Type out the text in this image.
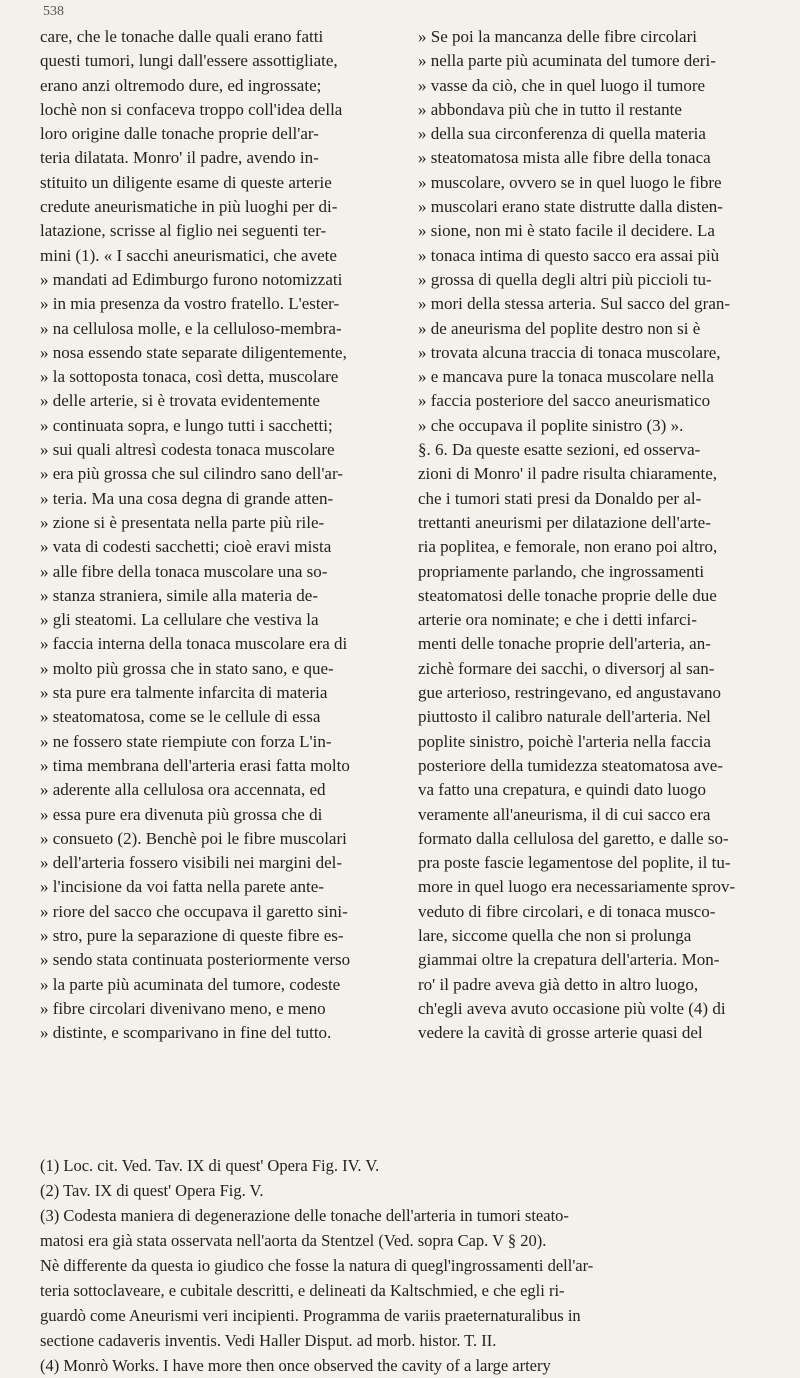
538
care, che le tonache dalle quali erano fatti
questi tumori, lungi dall'essere assottigliate,
erano anzi oltremodo dure, ed ingrossate;
lochè non si confaceva troppo coll'idea della
loro origine dalle tonache proprie dell'ar-
teria dilatata. Monro' il padre, avendo in-
stituito un diligente esame di queste arterie
credute aneurismatiche in più luoghi per di-
latazione, scrisse al figlio nei seguenti ter-
mini (1). « I sacchi aneurismatici, che avete
» mandati ad Edimburgo furono notomizzati
» in mia presenza da vostro fratello. L'ester-
» na cellulosa molle, e la celluloso-membra-
» nosa essendo state separate diligentemente,
» la sottoposta tonaca, così detta, muscolare
» delle arterie, si è trovata evidentemente
» continuata sopra, e lungo tutti i sacchetti;
» sui quali altresì codesta tonaca muscolare
» era più grossa che sul cilindro sano dell'ar-
» teria. Ma una cosa degna di grande atten-
» zione si è presentata nella parte più rile-
» vata di codesti sacchetti; cioè eravi mista
» alle fibre della tonaca muscolare una so-
» stanza straniera, simile alla materia de-
» gli steatomi. La cellulare che vestiva la
» faccia interna della tonaca muscolare era di
» molto più grossa che in stato sano, e que-
» sta pure era talmente infarcita di materia
» steatomatosa, come se le cellule di essa
» ne fossero state riempiute con forza L'in-
» tima membrana dell'arteria erasi fatta molto
» aderente alla cellulosa ora accennata, ed
» essa pure era divenuta più grossa che di
» consueto (2). Benchè poi le fibre muscolari
» dell'arteria fossero visibili nei margini del-
» l'incisione da voi fatta nella parete ante-
» riore del sacco che occupava il garetto sini-
» stro, pure la separazione di queste fibre es-
» sendo stata continuata posteriormente verso
» la parte più acuminata del tumore, codeste
» fibre circolari divenivano meno, e meno
» distinte, e scomparivano in fine del tutto.
» Se poi la mancanza delle fibre circolari
» nella parte più acuminata del tumore deri-
» vasse da ciò, che in quel luogo il tumore
» abbondava più che in tutto il restante
» della sua circonferenza di quella materia
» steatomatosa mista alle fibre della tonaca
» muscolare, ovvero se in quel luogo le fibre
» muscolari erano state distrutte dalla disten-
» sione, non mi è stato facile il decidere. La
» tonaca intima di questo sacco era assai più
» grossa di quella degli altri più piccioli tu-
» mori della stessa arteria. Sul sacco del gran-
» de aneurisma del poplite destro non si è
» trovata alcuna traccia di tonaca muscolare,
» e mancava pure la tonaca muscolare nella
» faccia posteriore del sacco aneurismatico
» che occupava il poplite sinistro (3) ».
§. 6. Da queste esatte sezioni, ed osserva-
zioni di Monro' il padre risulta chiaramente,
che i tumori stati presi da Donaldo per al-
trettanti aneurismi per dilatazione dell'arte-
ria poplitea, e femorale, non erano poi altro,
propriamente parlando, che ingrossamenti
steatomatosi delle tonache proprie delle due
arterie ora nominate; e che i detti infarci-
menti delle tonache proprie dell'arteria, an-
zichè formare dei sacchi, o diversorj al san-
gue arterioso, restringevano, ed angustavano
piuttosto il calibro naturale dell'arteria. Nel
poplite sinistro, poichè l'arteria nella faccia
posteriore della tumidezza steatomatosa ave-
va fatto una crepatura, e quindi dato luogo
veramente all'aneurisma, il di cui sacco era
formato dalla cellulosa del garetto, e dalle so-
pra poste fascie legamentose del poplite, il tu-
more in quel luogo era necessariamente sprov-
veduto di fibre circolari, e di tonaca musco-
lare, siccome quella che non si prolunga
giammai oltre la crepatura dell'arteria. Mon-
ro' il padre aveva già detto in altro luogo,
ch'egli aveva avuto occasione più volte (4) di
vedere la cavità di grosse arterie quasi del
(1) Loc. cit. Ved. Tav. IX di quest' Opera Fig. IV. V.
(2) Tav. IX di quest' Opera Fig. V.
(3) Codesta maniera di degenerazione delle tonache dell'arteria in tumori steato-
matosi era già stata osservata nell'aorta da Stentzel (Ved. sopra Cap. V § 20).
Nè differente da questa io giudico che fosse la natura di quegl'ingrossamenti dell'ar-
teria sottoclaveare, e cubitale descritti, e delineati da Kaltschmied, e che egli ri-
guardò come Aneurismi veri incipienti. Programma de variis praeternaturalibus in
sectione cadaveris inventis. Vedi Haller Disput. ad morb. histor. T. II.
(4) Monrò Works. I have more then once observed the cavity of a large artery
